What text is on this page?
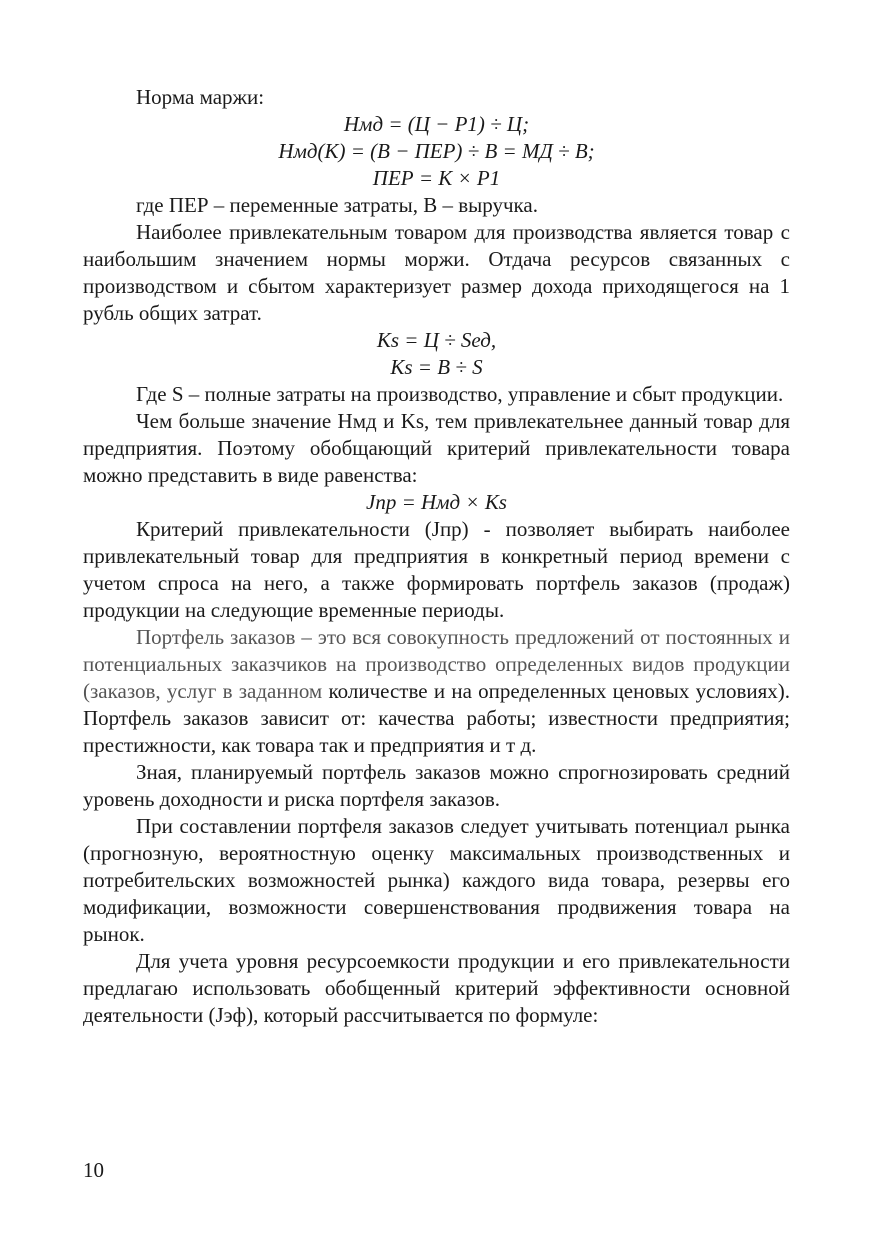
Норма маржи:

Нмд = (Ц − Р1) ÷ Ц;

Нмд(К) = (В − ПЕР) ÷ В = МД ÷ В;

ПЕР = К × Р1

где ПЕР – переменные затраты, В – выручка.

Наиболее привлекательным товаром для производства является товар с наибольшим значением нормы моржи. Отдача ресурсов связанных с производством и сбытом характеризует размер дохода приходящегося на 1 рубль общих затрат.

Кs = Ц ÷ Sед,

Кs = В ÷ S

Где S – полные затраты на производство, управление и сбыт продукции.

Чем больше значение Нмд и Ks, тем привлекательнее данный товар для предприятия. Поэтому обобщающий критерий привлекательности товара можно представить в виде равенства:

Jпр = Нмд × Кs

Критерий привлекательности (Jпр) - позволяет выбирать наиболее привлекательный товар для предприятия в конкретный период времени с учетом спроса на него, а также формировать портфель заказов (продаж) продукции на следующие временные периоды.

Портфель заказов – это вся совокупность предложений от постоянных и потенциальных заказчиков на производство определенных видов продукции (заказов, услуг в заданном количестве и на определенных ценовых условиях). Портфель заказов зависит от: качества работы; известности предприятия; престижности, как товара так и предприятия и т д.

Зная, планируемый портфель заказов можно спрогнозировать средний уровень доходности и риска портфеля заказов.

При составлении портфеля заказов следует учитывать потенциал рынка (прогнозную, вероятностную оценку максимальных производственных и потребительских возможностей рынка) каждого вида товара, резервы его модификации, возможности совершенствования продвижения товара на рынок.

Для учета уровня ресурсоемкости продукции и его привлекательности предлагаю использовать обобщенный критерий эффективности основной деятельности (Jэф), который рассчитывается по формуле:

10
